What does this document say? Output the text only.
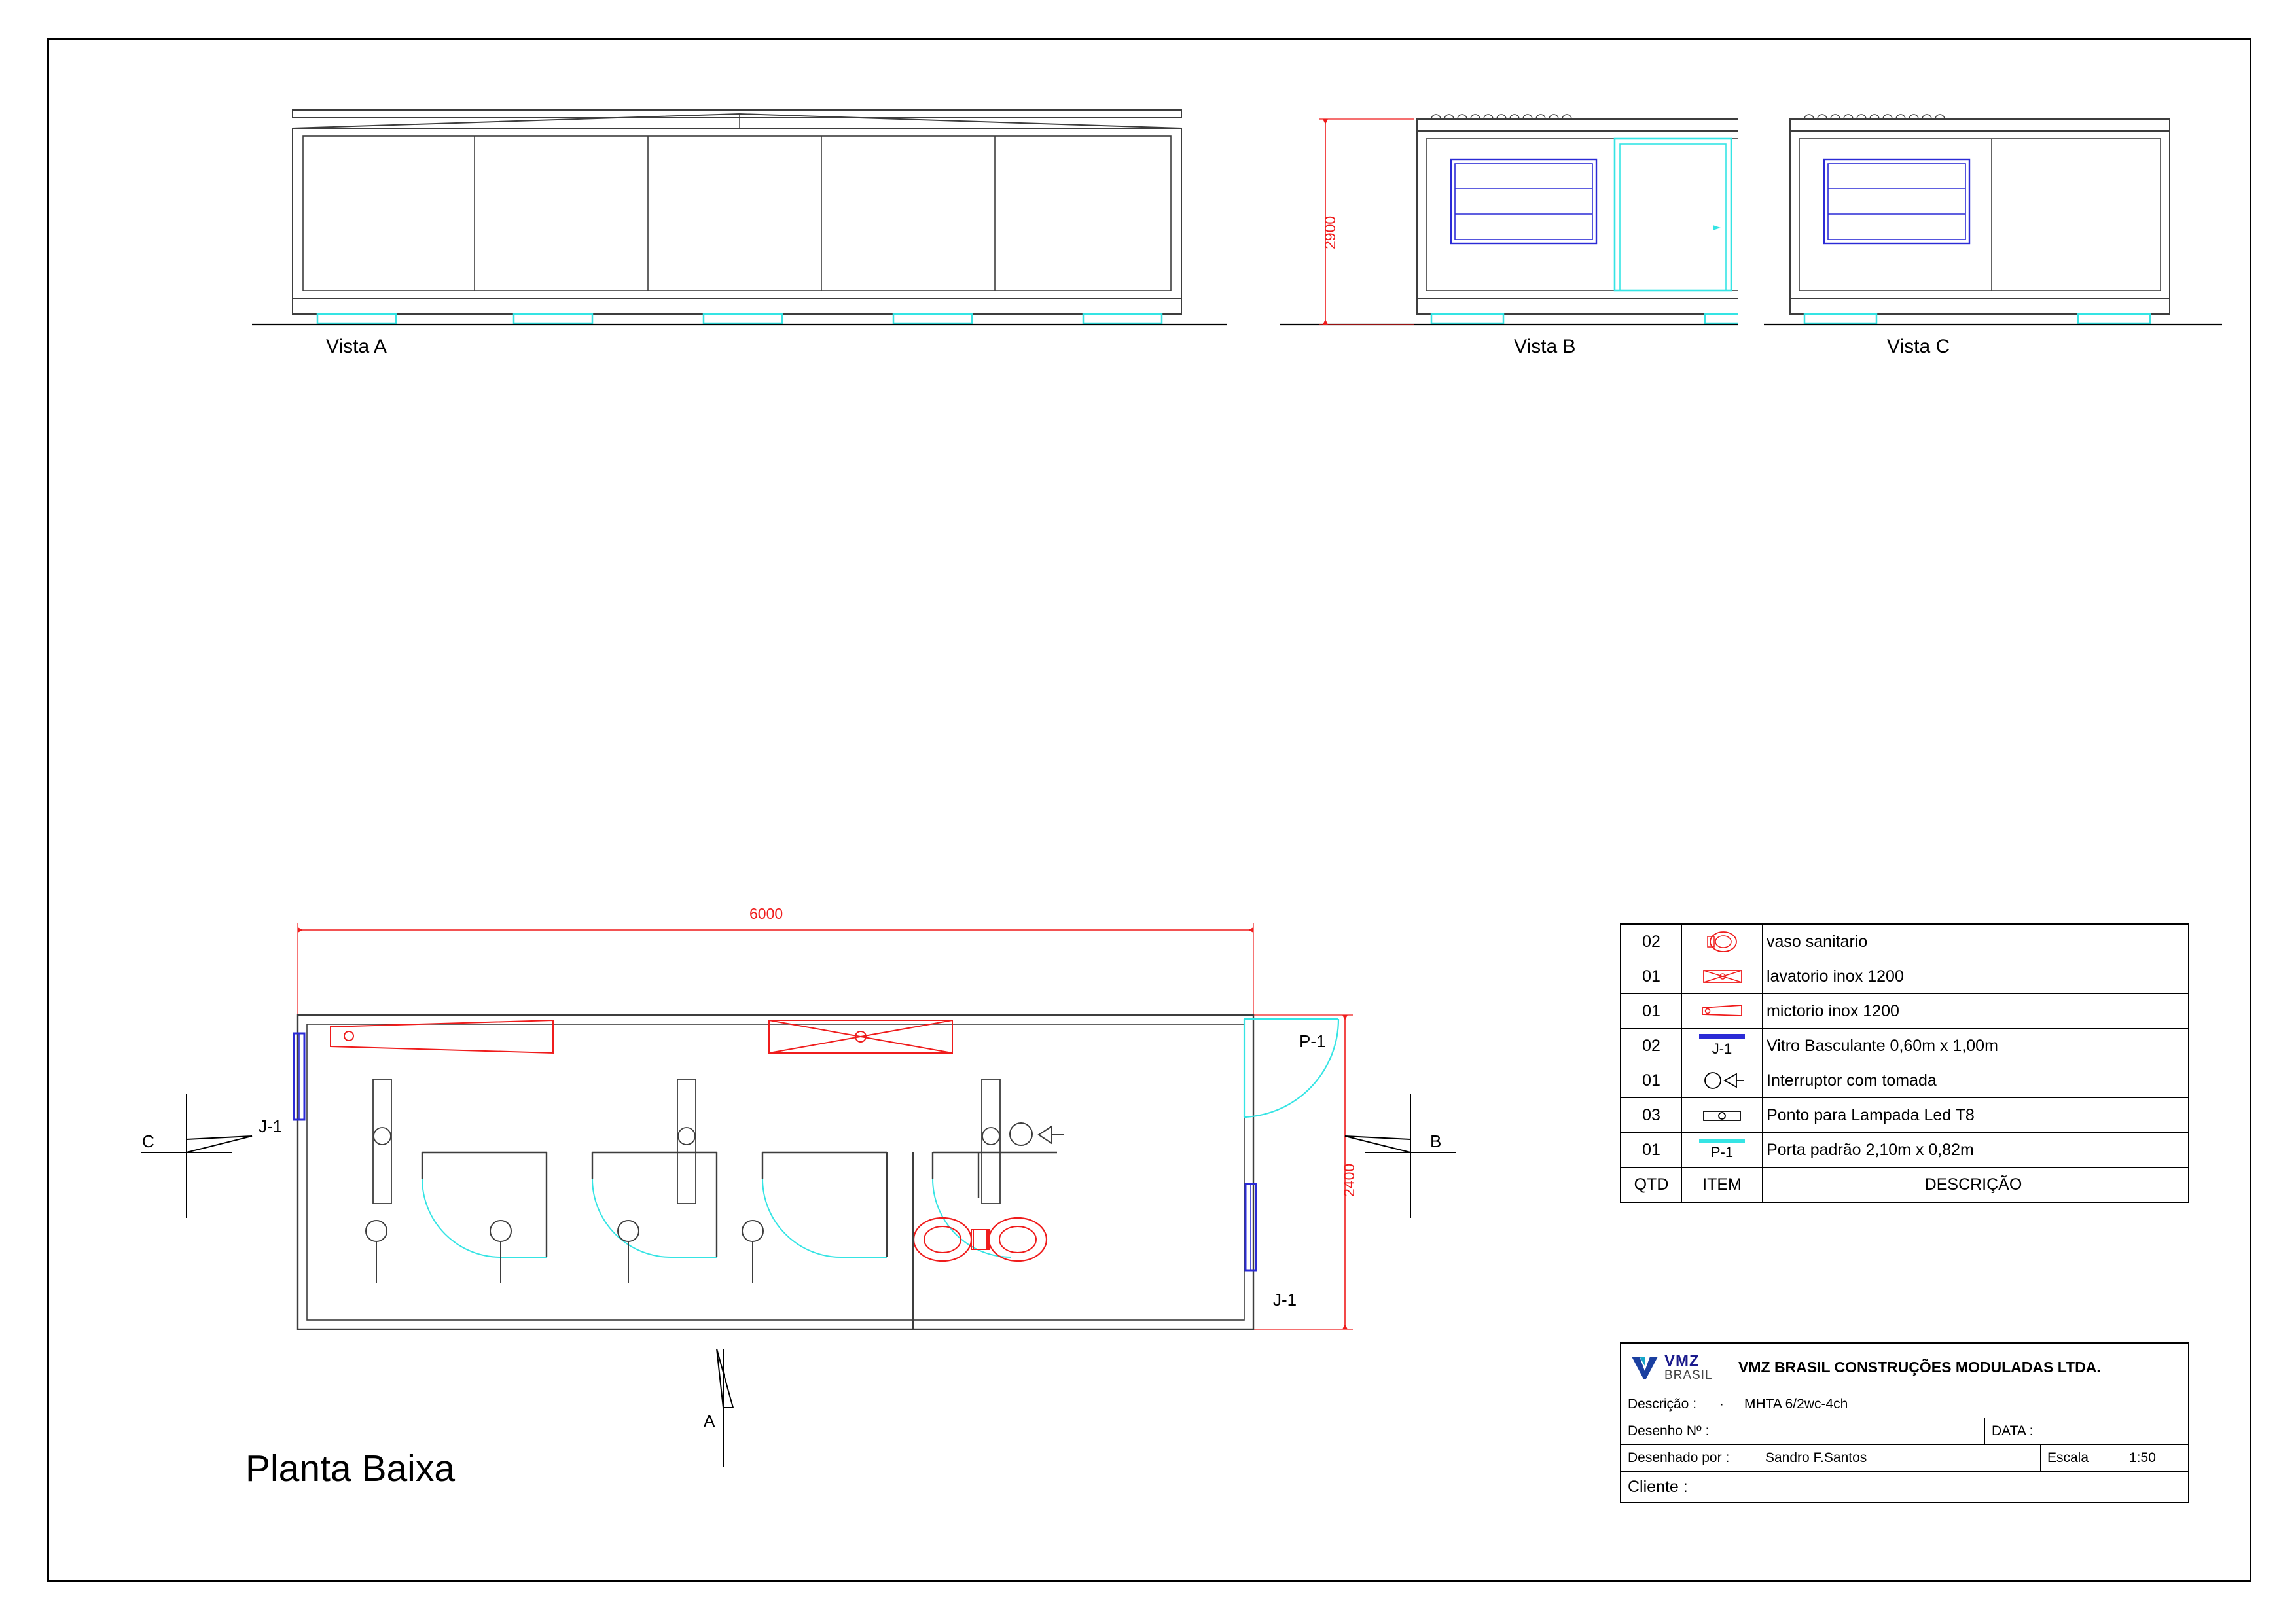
Vista A
2900
Vista B	Vista C
6000
2400
J-1
J-1
P-1
C	B
A
Planta Baixa
02		vaso sanitario
01		lavatorio inox 1200
01		mictorio inox 1200
02	J-1	Vitro Basculante 0,60m x 1,00m
01		Interruptor com tomada
03		Ponto para Lampada Led T8
01	P-1	Porta padrão 2,10m x 0,82m
QTD	ITEM	DESCRIÇÃO
VMZ
BRASIL VMZ BRASIL CONSTRUÇÕES MODULADAS LTDA.
Descrição :	·	MHTA 6/2wc-4ch
Desenho Nº :	DATA :
Desenhado por :	Sandro F.Santos	Escala	1:50
Cliente :
